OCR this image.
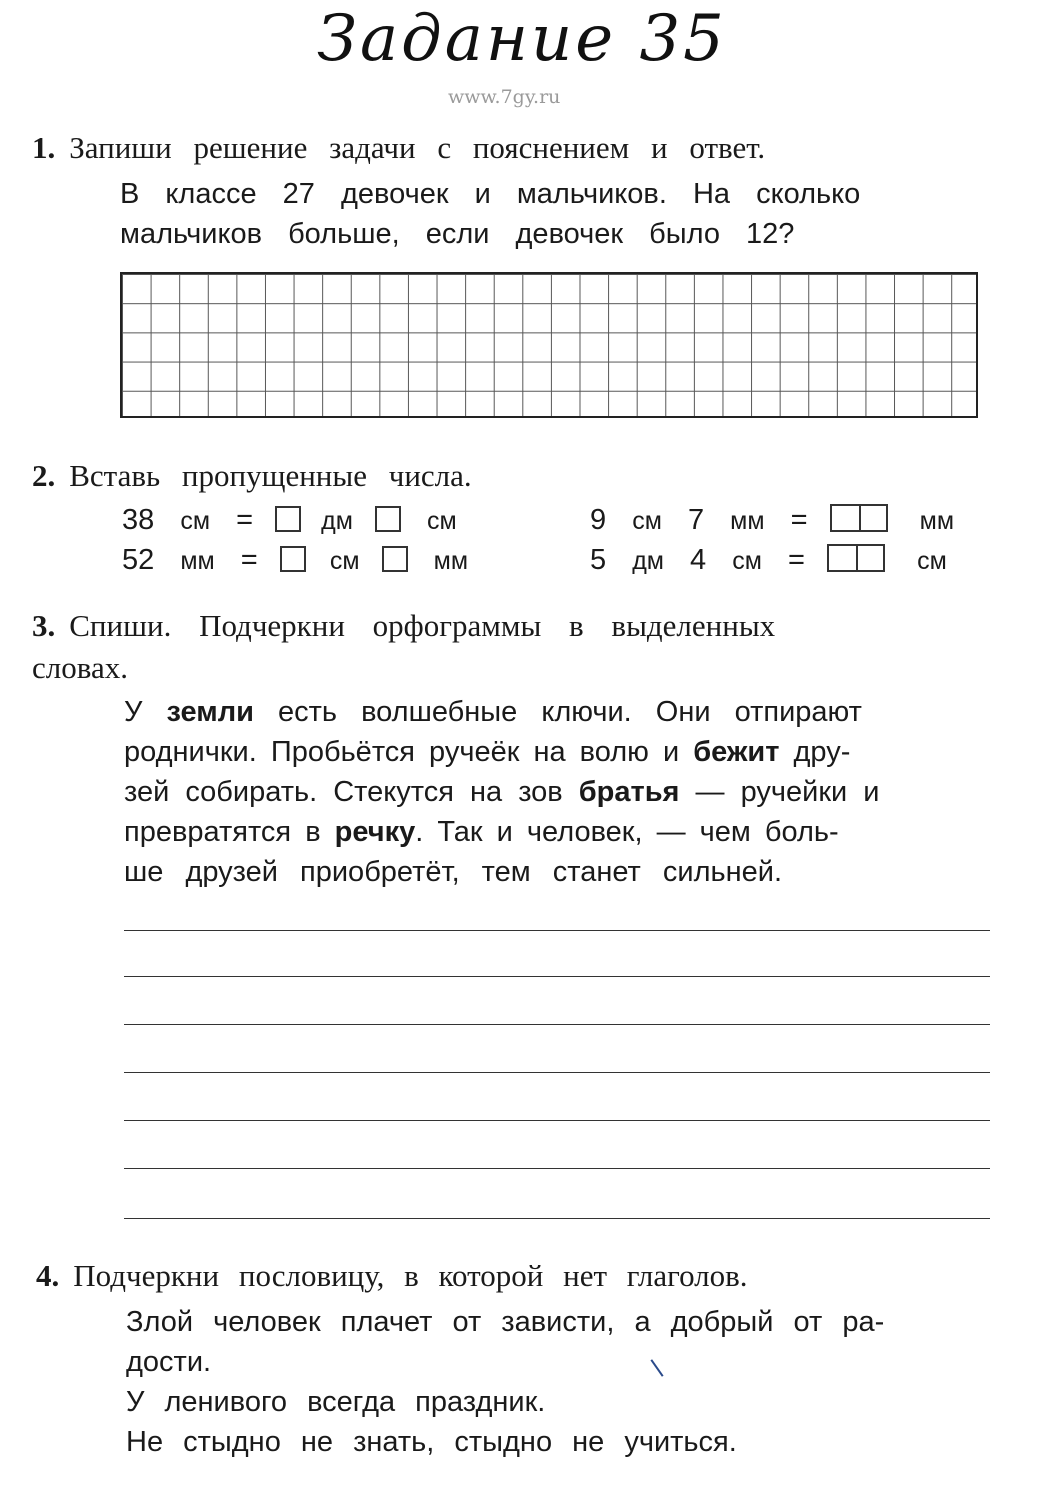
Задание 35
www.7gy.ru
1. Запиши решение задачи с пояснением и ответ.
В классе 27 девочек и мальчиков. На сколько
мальчиков больше, если девочек было 12?
2. Вставь пропущенные числа.
38 см =	дм	см
52 мм =	см	мм
9 см 7 мм =	мм
5 дм 4 см =	см
3. Спиши. Подчеркни орфограммы в выделенных
словах.
У земли есть волшебные ключи. Они отпирают
роднички. Пробьётся ручеёк на волю и бежит дру-
зей собирать. Стекутся на зов братья — ручейки и
превратятся в речку. Так и человек, — чем боль-
ше друзей приобретёт, тем станет сильней.
4. Подчеркни пословицу, в которой нет глаголов.
Злой человек плачет от зависти, а добрый от ра-
дости.
У ленивого всегда праздник.
Не стыдно не знать, стыдно не учиться.
